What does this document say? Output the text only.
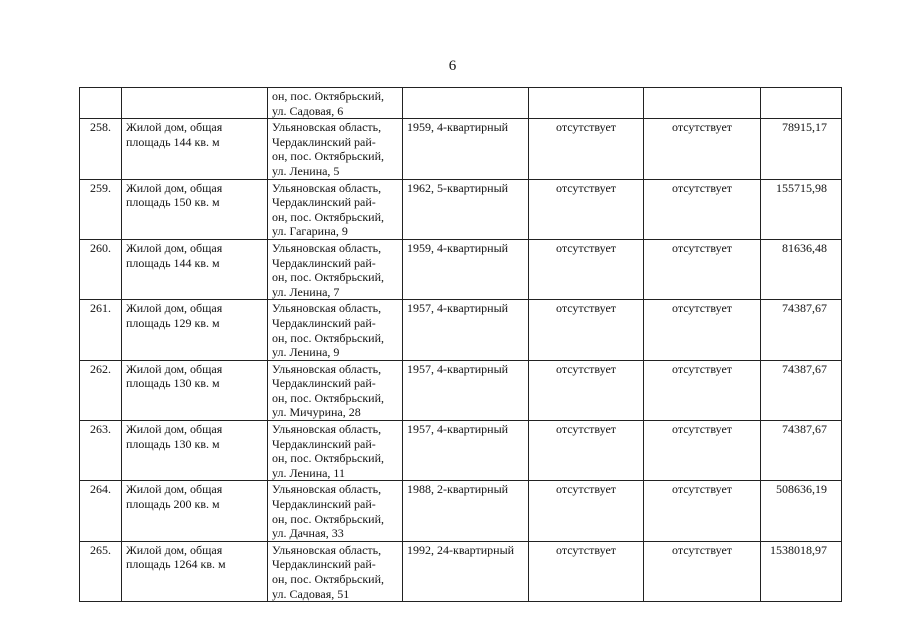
6

		он, пос. Октябрьский,
ул. Садовая, 6				

258.	Жилой дом, общая
площадь 144 кв. м	Ульяновская область,
Чердаклинский рай-
он, пос. Октябрьский,
ул. Ленина, 5	1959, 4-квартирный	отсутствует	отсутствует	78915,17
259.	Жилой дом, общая
площадь 150 кв. м	Ульяновская область,
Чердаклинский рай-
он, пос. Октябрьский,
ул. Гагарина, 9	1962, 5-квартирный	отсутствует	отсутствует	155715,98
260.	Жилой дом, общая
площадь 144 кв. м	Ульяновская область,
Чердаклинский рай-
он, пос. Октябрьский,
ул. Ленина, 7	1959, 4-квартирный	отсутствует	отсутствует	81636,48
261.	Жилой дом, общая
площадь 129 кв. м	Ульяновская область,
Чердаклинский рай-
он, пос. Октябрьский,
ул. Ленина, 9	1957, 4-квартирный	отсутствует	отсутствует	74387,67
262.	Жилой дом, общая
площадь 130 кв. м	Ульяновская область,
Чердаклинский рай-
он, пос. Октябрьский,
ул. Мичурина, 28	1957, 4-квартирный	отсутствует	отсутствует	74387,67
263.	Жилой дом, общая
площадь 130 кв. м	Ульяновская область,
Чердаклинский рай-
он, пос. Октябрьский,
ул. Ленина, 11	1957, 4-квартирный	отсутствует	отсутствует	74387,67
264.	Жилой дом, общая
площадь 200 кв. м	Ульяновская область,
Чердаклинский рай-
он, пос. Октябрьский,
ул. Дачная, 33	1988, 2-квартирный	отсутствует	отсутствует	508636,19
265.	Жилой дом, общая
площадь 1264 кв. м	Ульяновская область,
Чердаклинский рай-
он, пос. Октябрьский,
ул. Садовая, 51	1992, 24-квартирный	отсутствует	отсутствует	1538018,97
